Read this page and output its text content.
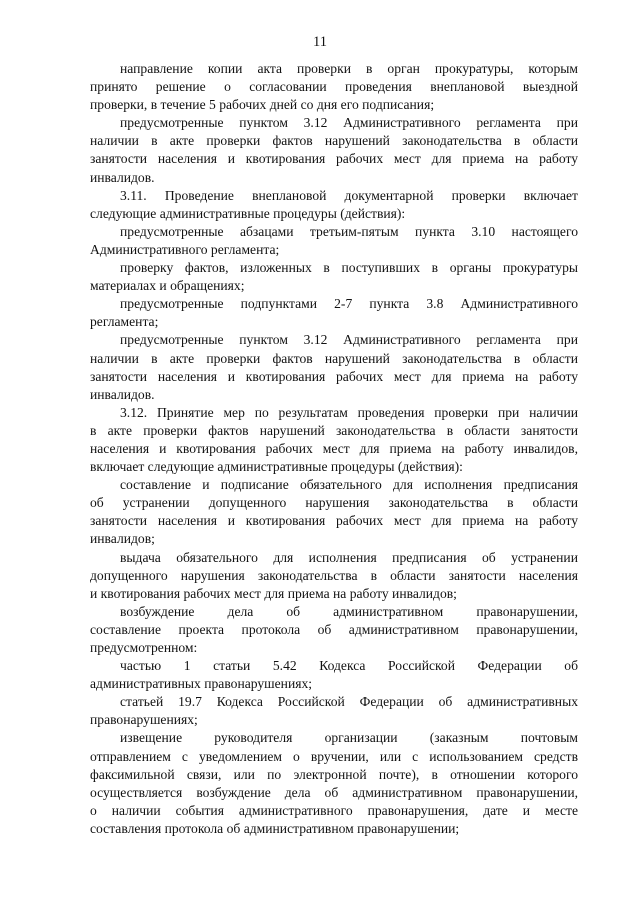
11
направление копии акта проверки в орган прокуратуры, которым
принято решение о согласовании проведения внеплановой выездной
проверки, в течение 5 рабочих дней со дня его подписания;
предусмотренные пунктом 3.12 Административного регламента при
наличии в акте проверки фактов нарушений законодательства в области
занятости населения и квотирования рабочих мест для приема на работу
инвалидов.
3.11. Проведение внеплановой документарной проверки включает
следующие административные процедуры (действия):
предусмотренные абзацами третьим-пятым пункта 3.10 настоящего
Административного регламента;
проверку фактов, изложенных в поступивших в органы прокуратуры
материалах и обращениях;
предусмотренные подпунктами 2-7 пункта 3.8 Административного
регламента;
предусмотренные пунктом 3.12 Административного регламента при
наличии в акте проверки фактов нарушений законодательства в области
занятости населения и квотирования рабочих мест для приема на работу
инвалидов.
3.12. Принятие мер по результатам проведения проверки при наличии
в акте проверки фактов нарушений законодательства в области занятости
населения и квотирования рабочих мест для приема на работу инвалидов,
включает следующие административные процедуры (действия):
составление и подписание обязательного для исполнения предписания
об устранении допущенного нарушения законодательства в области
занятости населения и квотирования рабочих мест для приема на работу
инвалидов;
выдача обязательного для исполнения предписания об устранении
допущенного нарушения законодательства в области занятости населения
и квотирования рабочих мест для приема на работу инвалидов;
возбуждение дела об административном правонарушении,
составление проекта протокола об административном правонарушении,
предусмотренном:
частью 1 статьи 5.42 Кодекса Российской Федерации об
административных правонарушениях;
статьей 19.7 Кодекса Российской Федерации об административных
правонарушениях;
извещение руководителя организации (заказным почтовым
отправлением с уведомлением о вручении, или с использованием средств
факсимильной связи, или по электронной почте), в отношении которого
осуществляется возбуждение дела об административном правонарушении,
о наличии события административного правонарушения, дате и месте
составления протокола об административном правонарушении;
